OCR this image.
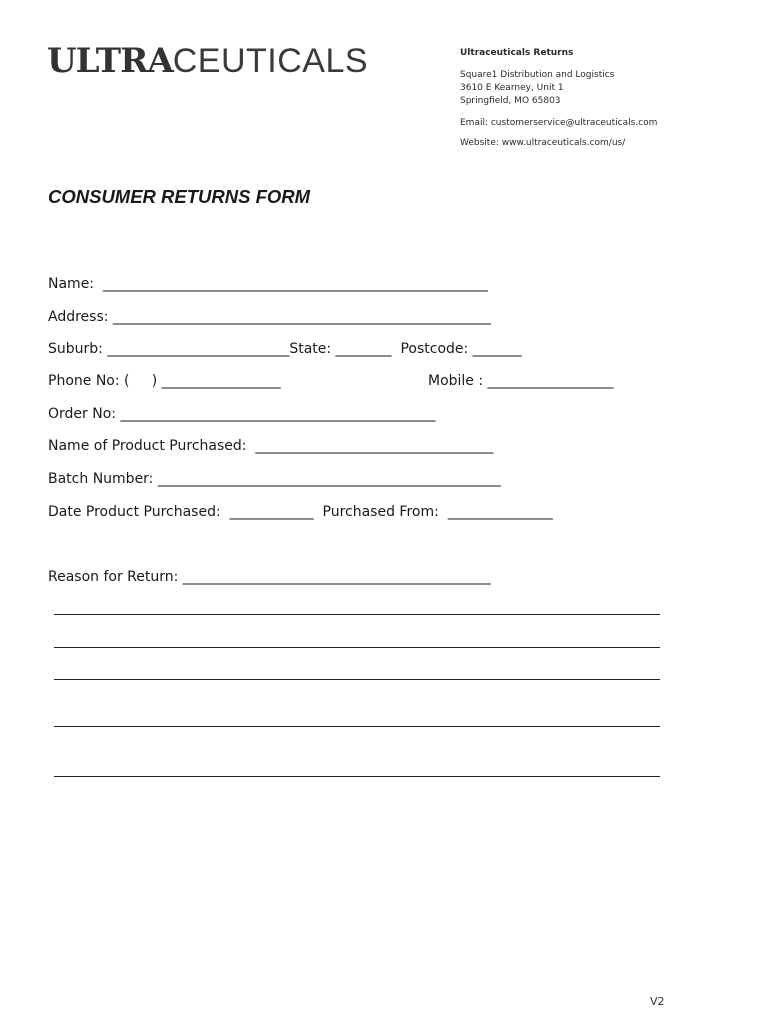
ULTRACEUTICALS	Ultraceuticals Returns
Square1 Distribution and Logistics
3610 E Kearney, Unit 1
Springfield, MO 65803
Email: customerservice@ultraceuticals.com
Website: www.ultraceuticals.com/us/
CONSUMER RETURNS FORM
Name:  _______________________________________________________
Address: ______________________________________________________
Suburb: __________________________State: ________  Postcode: _______
Phone No: (     ) _________________	Mobile : __________________
Order No: _____________________________________________
Name of Product Purchased:  __________________________________
Batch Number: _________________________________________________
Date Product Purchased:  ____________  Purchased From:  _______________
Reason for Return: ____________________________________________
V2
